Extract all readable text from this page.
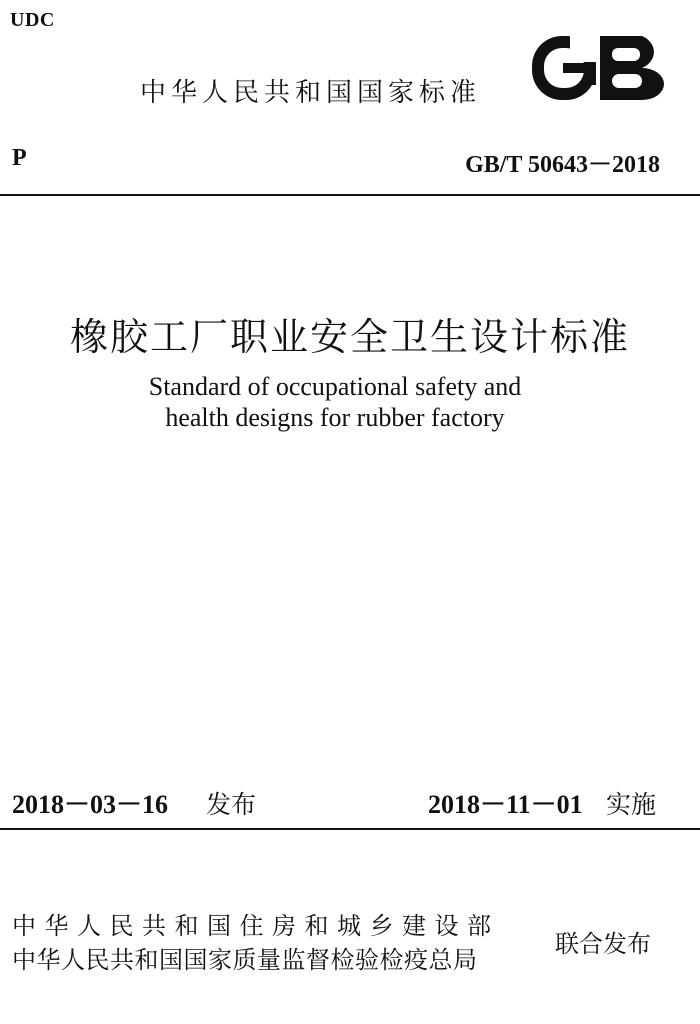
UDC
中华人民共和国国家标准
P	GB/T 50643－2018
橡胶工厂职业安全卫生设计标准
Standard of occupational safety and
health designs for rubber factory
2018－03－16 发布	2018－11－01 实施
中华人民共和国住房和城乡建设部
中华人民共和国国家质量监督检验检疫总局
联合发布
